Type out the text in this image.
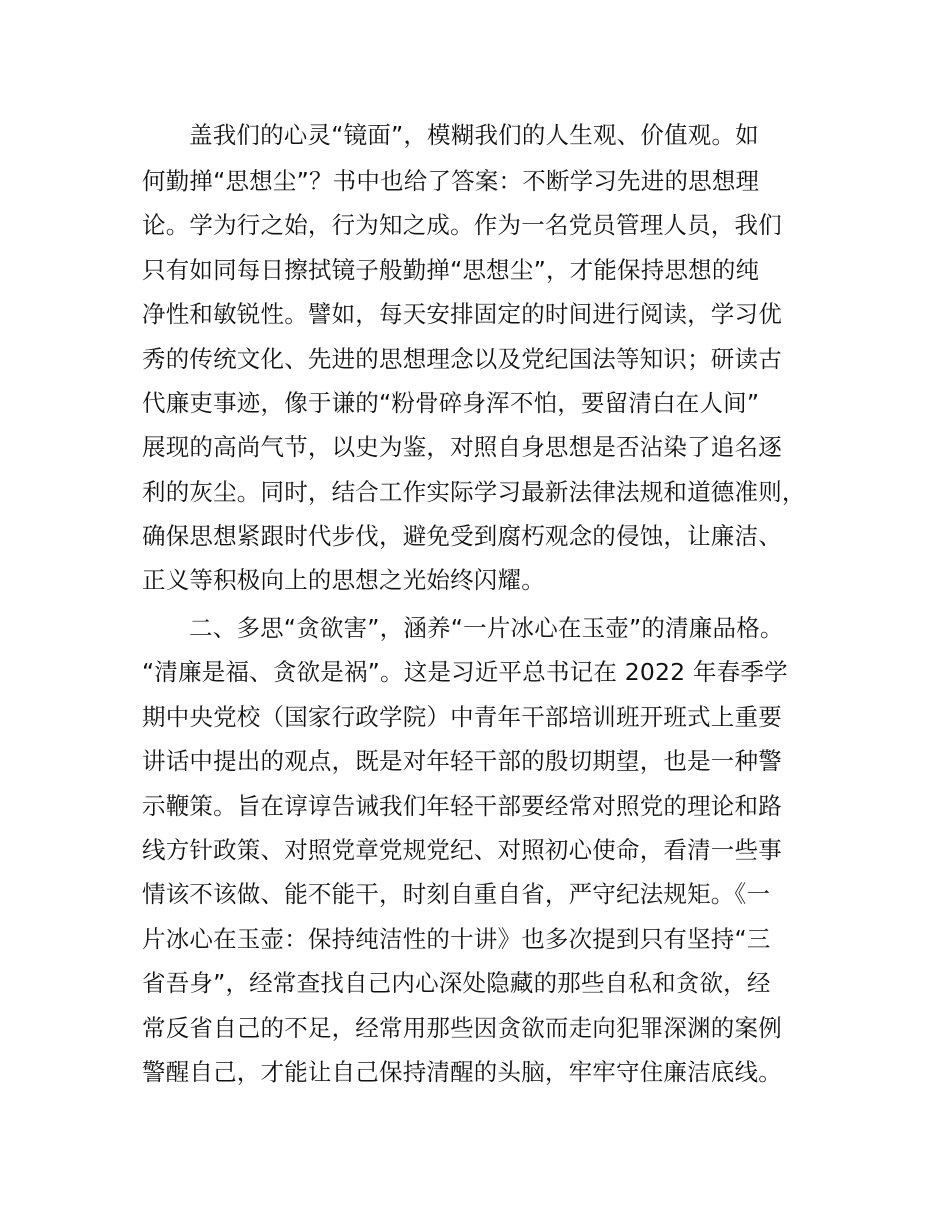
盖我们的心灵“镜面”，模糊我们的人生观、价值观。如
何勤掸“思想尘”？书中也给了答案：不断学习先进的思想理
论。学为行之始，行为知之成。作为一名党员管理人员，我们
只有如同每日擦拭镜子般勤掸“思想尘”，才能保持思想的纯
净性和敏锐性。譬如，每天安排固定的时间进行阅读，学习优
秀的传统文化、先进的思想理念以及党纪国法等知识；研读古
代廉吏事迹，像于谦的“粉骨碎身浑不怕，要留清白在人间”
展现的高尚气节，以史为鉴，对照自身思想是否沾染了追名逐
利的灰尘。同时，结合工作实际学习最新法律法规和道德准则，
确保思想紧跟时代步伐，避免受到腐朽观念的侵蚀，让廉洁、
正义等积极向上的思想之光始终闪耀。
二、多思“贪欲害”，涵养“一片冰心在玉壶”的清廉品格。
“清廉是福、贪欲是祸”。这是习近平总书记在 2022 年春季学
期中央党校（国家行政学院）中青年干部培训班开班式上重要
讲话中提出的观点，既是对年轻干部的殷切期望，也是一种警
示鞭策。旨在谆谆告诫我们年轻干部要经常对照党的理论和路
线方针政策、对照党章党规党纪、对照初心使命，看清一些事
情该不该做、能不能干，时刻自重自省，严守纪法规矩。《一
片冰心在玉壶：保持纯洁性的十讲》也多次提到只有坚持“三
省吾身”，经常查找自己内心深处隐藏的那些自私和贪欲，经
常反省自己的不足，经常用那些因贪欲而走向犯罪深渊的案例
警醒自己，才能让自己保持清醒的头脑，牢牢守住廉洁底线。
